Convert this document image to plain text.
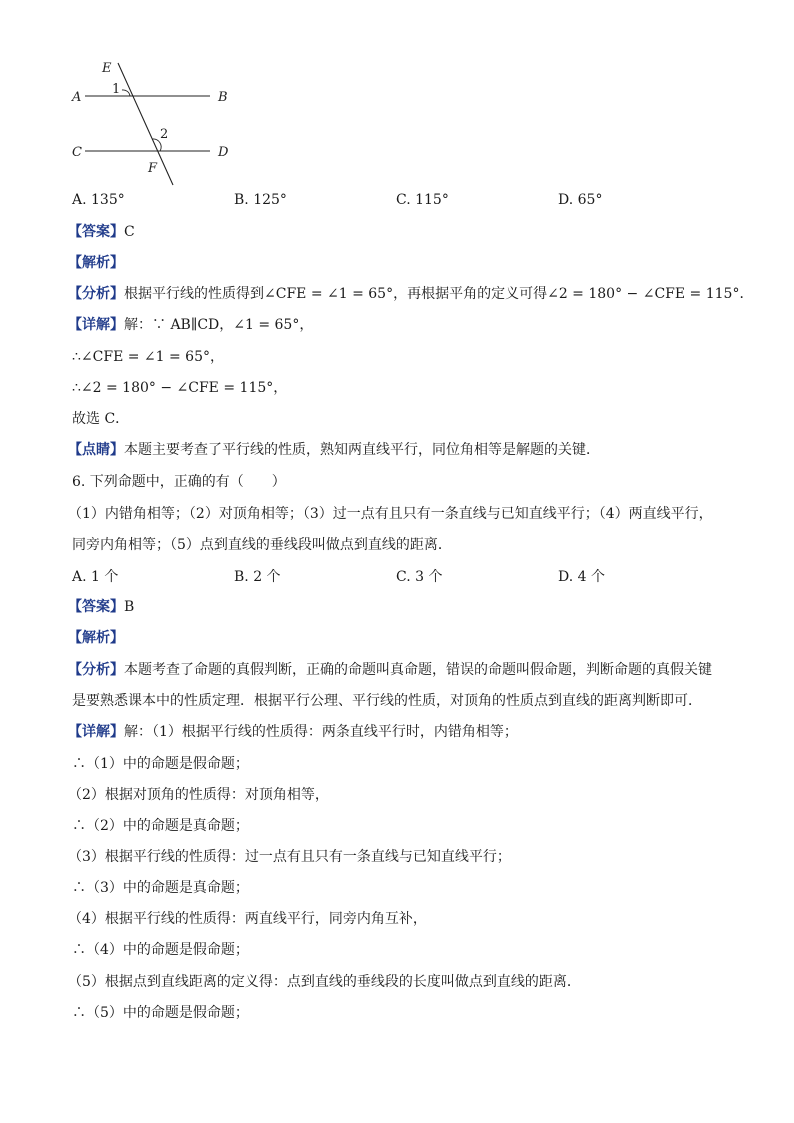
E
A	B
C	D
F
1
2
A. 135°	B. 125°	C. 115°	D. 65°
【答案】C
【解析】
【分析】根据平行线的性质得到∠CFE = ∠1 = 65°，再根据平角的定义可得∠2 = 180° − ∠CFE = 115°．
【详解】解：∵ AB∥CD，∠1 = 65°，
∴∠CFE = ∠1 = 65°，
∴∠2 = 180° − ∠CFE = 115°，
故选 C．
【点睛】本题主要考查了平行线的性质，熟知两直线平行，同位角相等是解题的关键．
6. 下列命题中，正确的有（　　）
（1）内错角相等；（2）对顶角相等；（3）过一点有且只有一条直线与已知直线平行；（4）两直线平行，
同旁内角相等；（5）点到直线的垂线段叫做点到直线的距离．
A. 1 个	B. 2 个	C. 3 个	D. 4 个
【答案】B
【解析】
【分析】本题考查了命题的真假判断，正确的命题叫真命题，错误的命题叫假命题，判断命题的真假关键
是要熟悉课本中的性质定理．根据平行公理、平行线的性质，对顶角的性质点到直线的距离判断即可．
【详解】解：（1）根据平行线的性质得：两条直线平行时，内错角相等；
∴（1）中的命题是假命题；
（2）根据对顶角的性质得：对顶角相等，
∴（2）中的命题是真命题；
（3）根据平行线的性质得：过一点有且只有一条直线与已知直线平行；
∴（3）中的命题是真命题；
（4）根据平行线的性质得：两直线平行，同旁内角互补，
∴（4）中的命题是假命题；
（5）根据点到直线距离的定义得：点到直线的垂线段的长度叫做点到直线的距离．
∴（5）中的命题是假命题；
